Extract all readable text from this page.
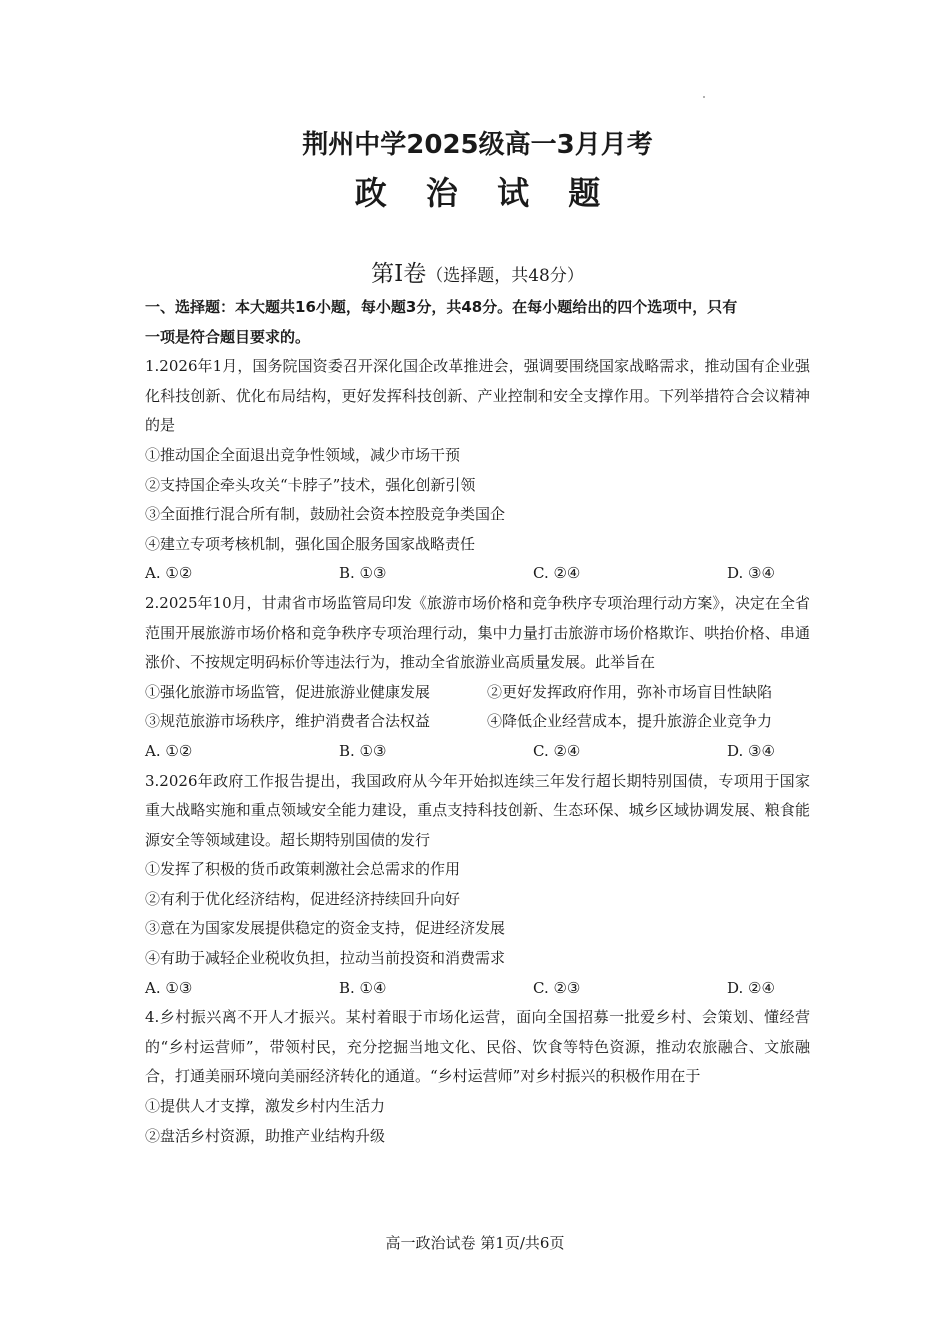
荆州中学2025级高一3月月考
政 治 试 题
第Ⅰ卷（选择题，共48分）
一、选择题：本大题共16小题，每小题3分，共48分。在每小题给出的四个选项中，只有
一项是符合题目要求的。
1.2026年1月，国务院国资委召开深化国企改革推进会，强调要围绕国家战略需求，推动国有企业强化科技创新、优化布局结构，更好发挥科技创新、产业控制和安全支撑作用。下列举措符合会议精神的是
①推动国企全面退出竞争性领域，减少市场干预
②支持国企牵头攻关“卡脖子”技术，强化创新引领
③全面推行混合所有制，鼓励社会资本控股竞争类国企
④建立专项考核机制，强化国企服务国家战略责任
A. ①②	B. ①③	C. ②④	D. ③④
2.2025年10月，甘肃省市场监管局印发《旅游市场价格和竞争秩序专项治理行动方案》，决定在全省范围开展旅游市场价格和竞争秩序专项治理行动，集中力量打击旅游市场价格欺诈、哄抬价格、串通涨价、不按规定明码标价等违法行为，推动全省旅游业高质量发展。此举旨在
①强化旅游市场监管，促进旅游业健康发展	②更好发挥政府作用，弥补市场盲目性缺陷
③规范旅游市场秩序，维护消费者合法权益	④降低企业经营成本，提升旅游企业竞争力
A. ①②	B. ①③	C. ②④	D. ③④
3.2026年政府工作报告提出，我国政府从今年开始拟连续三年发行超长期特别国债，专项用于国家重大战略实施和重点领域安全能力建设，重点支持科技创新、生态环保、城乡区域协调发展、粮食能源安全等领域建设。超长期特别国债的发行
①发挥了积极的货币政策刺激社会总需求的作用
②有利于优化经济结构，促进经济持续回升向好
③意在为国家发展提供稳定的资金支持，促进经济发展
④有助于减轻企业税收负担，拉动当前投资和消费需求
A. ①③	B. ①④	C. ②③	D. ②④
4.乡村振兴离不开人才振兴。某村着眼于市场化运营，面向全国招募一批爱乡村、会策划、懂经营的“乡村运营师”，带领村民，充分挖掘当地文化、民俗、饮食等特色资源，推动农旅融合、文旅融合，打通美丽环境向美丽经济转化的通道。“乡村运营师”对乡村振兴的积极作用在于
①提供人才支撑，激发乡村内生活力
②盘活乡村资源，助推产业结构升级
高一政治试卷 第1页/共6页
